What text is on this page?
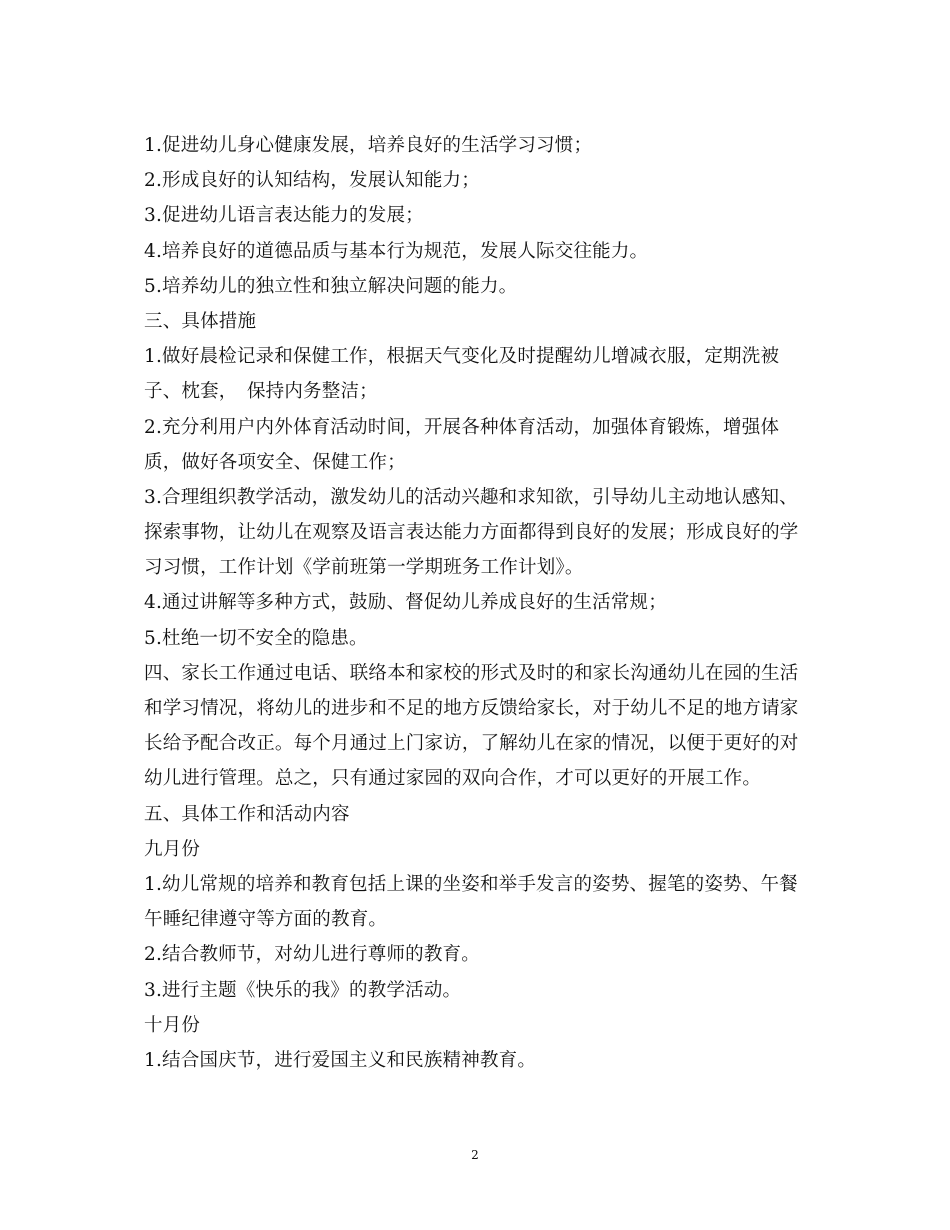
1.促进幼儿身心健康发展，培养良好的生活学习习惯；
2.形成良好的认知结构，发展认知能力；
3.促进幼儿语言表达能力的发展；
4.培养良好的道德品质与基本行为规范，发展人际交往能力。
5.培养幼儿的独立性和独立解决问题的能力。
三、具体措施
1.做好晨检记录和保健工作，根据天气变化及时提醒幼儿增减衣服，定期洗被
子、枕套，　保持内务整洁；
2.充分利用户内外体育活动时间，开展各种体育活动，加强体育锻炼，增强体
质，做好各项安全、保健工作；
3.合理组织教学活动，激发幼儿的活动兴趣和求知欲，引导幼儿主动地认感知、
探索事物，让幼儿在观察及语言表达能力方面都得到良好的发展；形成良好的学
习习惯，工作计划《学前班第一学期班务工作计划》。
4.通过讲解等多种方式，鼓励、督促幼儿养成良好的生活常规；
5.杜绝一切不安全的隐患。
四、家长工作通过电话、联络本和家校的形式及时的和家长沟通幼儿在园的生活
和学习情况，将幼儿的进步和不足的地方反馈给家长，对于幼儿不足的地方请家
长给予配合改正。每个月通过上门家访，了解幼儿在家的情况，以便于更好的对
幼儿进行管理。总之，只有通过家园的双向合作，才可以更好的开展工作。
五、具体工作和活动内容
九月份
1.幼儿常规的培养和教育包括上课的坐姿和举手发言的姿势、握笔的姿势、午餐
午睡纪律遵守等方面的教育。
2.结合教师节，对幼儿进行尊师的教育。
3.进行主题《快乐的我》的教学活动。
十月份
1.结合国庆节，进行爱国主义和民族精神教育。
2
